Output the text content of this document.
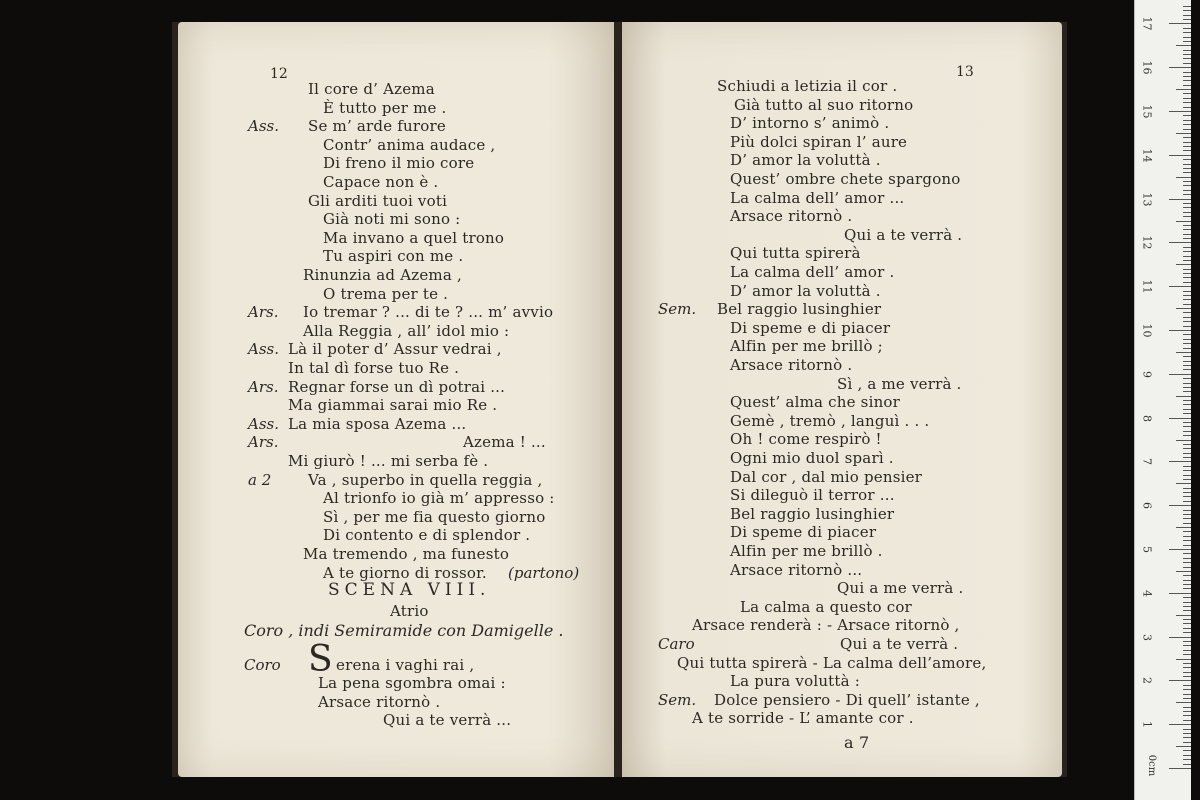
12
Il core d’ Azema
È tutto per me .
Ass. Se m’ arde furore
Contr’ anima audace ,
Di freno il mio core
Capace non è .
Gli arditi tuoi voti
Già noti mi sono :
Ma invano a quel trono
Tu aspiri con me .
Rinunzia ad Azema ,
O trema per te .
Ars. Io tremar ? ... di te ? ... m’ avvio
Alla Reggia , all’ idol mio :
Ass. Là il poter d’ Assur vedrai ,
In tal dì forse tuo Re .
Ars. Regnar forse un dì potrai ...
Ma giammai sarai mio Re .
Ass. La mia sposa Azema ...
Ars.	Azema ! ...
Mi giurò ! ... mi serba fè .
a 2 Va , superbo in quella reggia ,
Al trionfo io già m’ appresso :
Sì , per me fia questo giorno
Di contento e di splendor .
Ma tremendo , ma funesto
A te giorno di rossor. (partono)
SCENA VIII.
Atrio
Coro , indi Semiramide con Damigelle .
Coro S erena i vaghi rai ,
La pena sgombra omai :
Arsace ritornò .
Qui a te verrà ...
13
Schiudi a letizia il cor .
Già tutto al suo ritorno
D’ intorno s’ animò .
Più dolci spiran l’ aure
D’ amor la voluttà .
Quest’ ombre chete spargono
La calma dell’ amor ...
Arsace ritornò .
Qui a te verrà .
Qui tutta spirerà
La calma dell’ amor .
D’ amor la voluttà .
Sem. Bel raggio lusinghier
Di speme e di piacer
Alfin per me brillò ;
Arsace ritornò .
Sì , a me verrà .
Quest’ alma che sinor
Gemè , tremò , languì . . .
Oh ! come respirò !
Ogni mio duol sparì .
Dal cor , dal mio pensier
Si dileguò il terror ...
Bel raggio lusinghier
Di speme di piacer
Alfin per me brillò .
Arsace ritornò ...
Qui a me verrà .
La calma a questo cor
Arsace renderà : - Arsace ritornò ,
Caro	Qui a te verrà .
Qui tutta spirerà - La calma dell’amore,
La pura voluttà :
Sem. Dolce pensiero - Di quell’ istante ,
A te sorride - L’ amante cor .
a 7
0cm
1
2
3
4
5
6
7
8
9
10
11
12
13
14
15
16
17
